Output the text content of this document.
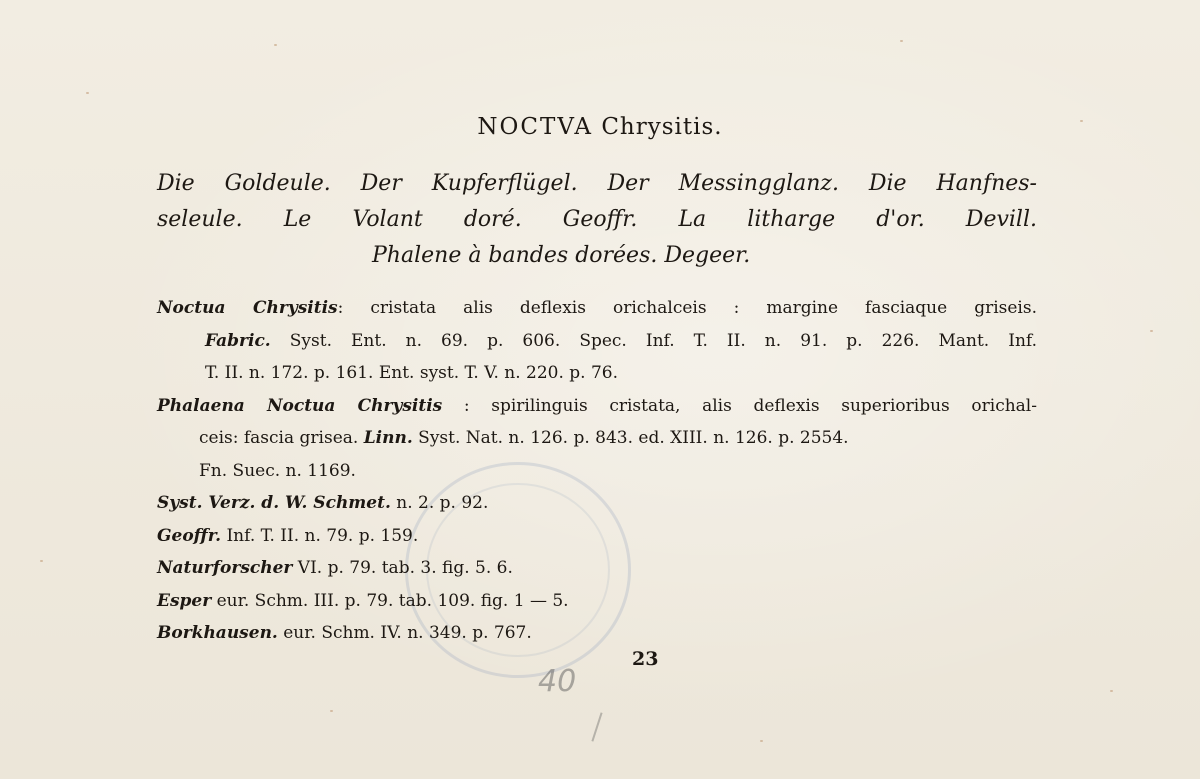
NOCTVA Chrysitis.
Die Goldeule. Der Kupferflügel. Der Messingglanz. Die Hanfnes-
seleule. Le Volant doré. Geoffr. La litharge d'or. Devill.
Phalene à bandes dorées. Degeer.
Noctua Chrysitis: cristata alis deflexis orichalceis : margine fasciaque griseis.
Fabric. Syst. Ent. n. 69. p. 606. Spec. Inf. T. II. n. 91. p. 226. Mant. Inf.
T. II. n. 172. p. 161. Ent. syst. T. V. n. 220. p. 76.
Phalaena Noctua Chrysitis : spirilinguis cristata, alis deflexis superioribus orichal-
ceis: fascia grisea. Linn. Syst. Nat. n. 126. p. 843. ed. XIII. n. 126. p. 2554.
Fn. Suec. n. 1169.
Syst. Verz. d. W. Schmet. n. 2. p. 92.
Geoffr. Inf. T. II. n. 79. p. 159.
Naturforscher VI. p. 79. tab. 3. fig. 5. 6.
Esper eur. Schm. III. p. 79. tab. 109. fig. 1 — 5.
Borkhausen. eur. Schm. IV. n. 349. p. 767.
23
40
